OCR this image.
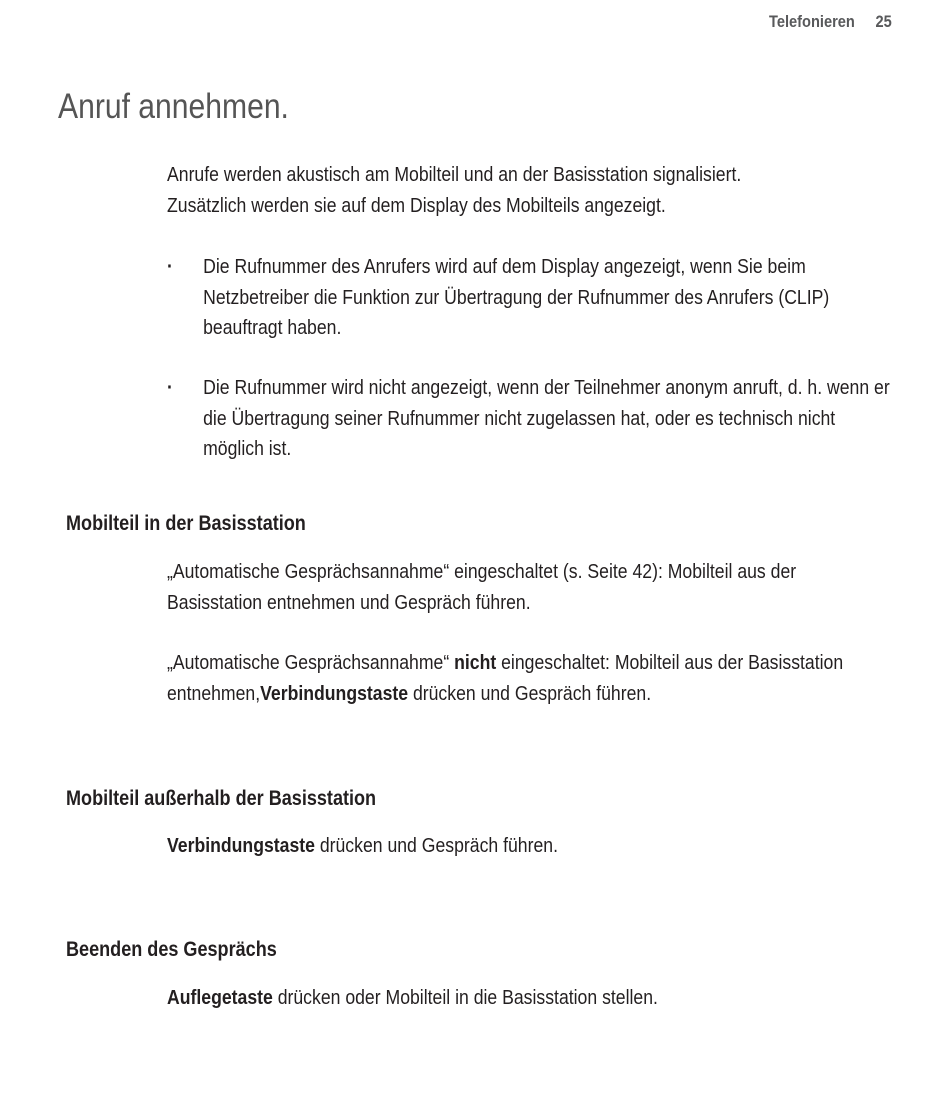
Telefonieren 25
Anruf annehmen.

Anrufe werden akustisch am Mobilteil und an der Basisstation signalisiert.

Zusätzlich werden sie auf dem Display des Mobilteils angezeigt.

· Die Rufnummer des Anrufers wird auf dem Display angezeigt, wenn Sie beim Netzbetreiber die Funktion zur Übertragung der Rufnummer des Anrufers (CLIP) beauftragt haben.
· Die Rufnummer wird nicht angezeigt, wenn der Teilnehmer anonym anruft, d. h. wenn er die Übertragung seiner Rufnummer nicht zugelassen hat, oder es technisch nicht möglich ist.
Mobilteil in der Basisstation

„Automatische Gesprächsannahme“ eingeschaltet (s. Seite 42): Mobilteil aus der Basisstation entnehmen und Gespräch führen.

„Automatische Gesprächsannahme“ nicht eingeschaltet: Mobilteil aus der Basisstation entnehmen,Verbindungstaste drücken und Gespräch führen.

Mobilteil außerhalb der Basisstation

Verbindungstaste drücken und Gespräch führen.

Beenden des Gesprächs

Auflegetaste drücken oder Mobilteil in die Basisstation stellen.
